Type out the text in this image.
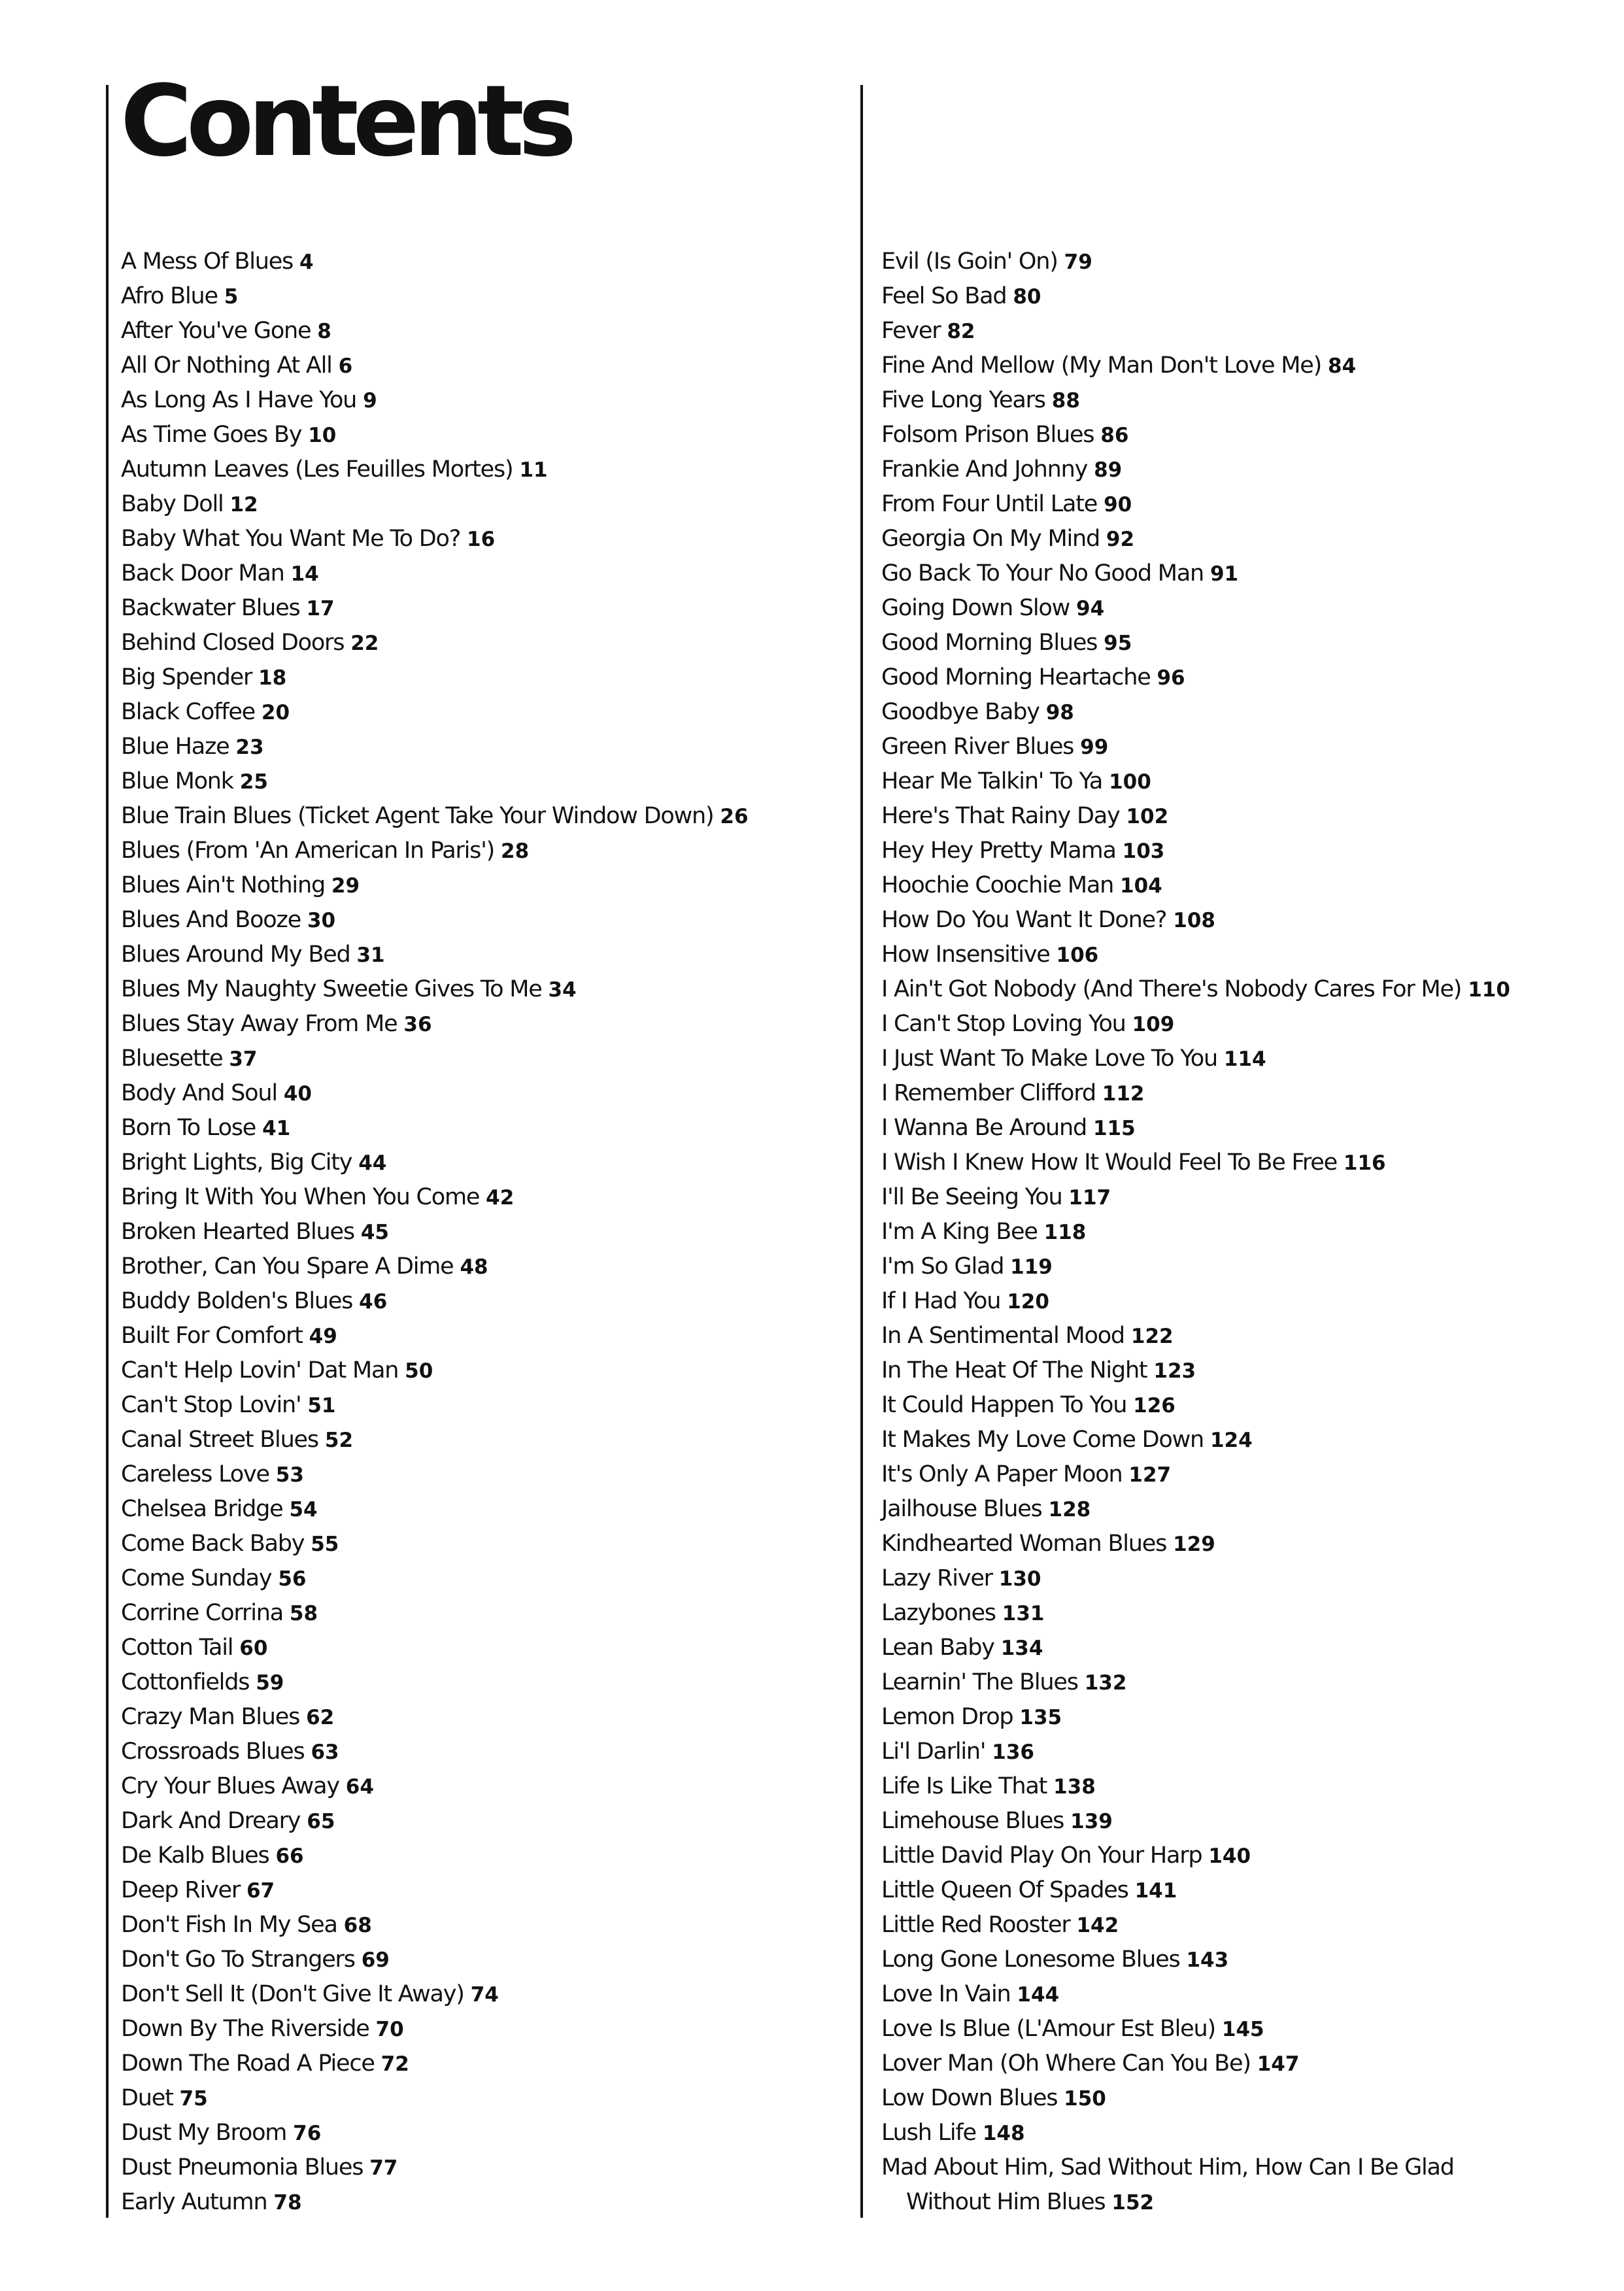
Contents
A Mess Of Blues 4
Afro Blue 5
After You've Gone 8
All Or Nothing At All 6
As Long As I Have You 9
As Time Goes By 10
Autumn Leaves (Les Feuilles Mortes) 11
Baby Doll 12
Baby What You Want Me To Do? 16
Back Door Man 14
Backwater Blues 17
Behind Closed Doors 22
Big Spender 18
Black Coffee 20
Blue Haze 23
Blue Monk 25
Blue Train Blues (Ticket Agent Take Your Window Down) 26
Blues (From 'An American In Paris') 28
Blues Ain't Nothing 29
Blues And Booze 30
Blues Around My Bed 31
Blues My Naughty Sweetie Gives To Me 34
Blues Stay Away From Me 36
Bluesette 37
Body And Soul 40
Born To Lose 41
Bright Lights, Big City 44
Bring It With You When You Come 42
Broken Hearted Blues 45
Brother, Can You Spare A Dime 48
Buddy Bolden's Blues 46
Built For Comfort 49
Can't Help Lovin' Dat Man 50
Can't Stop Lovin' 51
Canal Street Blues 52
Careless Love 53
Chelsea Bridge 54
Come Back Baby 55
Come Sunday 56
Corrine Corrina 58
Cotton Tail 60
Cottonfields 59
Crazy Man Blues 62
Crossroads Blues 63
Cry Your Blues Away 64
Dark And Dreary 65
De Kalb Blues 66
Deep River 67
Don't Fish In My Sea 68
Don't Go To Strangers 69
Don't Sell It (Don't Give It Away) 74
Down By The Riverside 70
Down The Road A Piece 72
Duet 75
Dust My Broom 76
Dust Pneumonia Blues 77
Early Autumn 78
Evil (Is Goin' On) 79
Feel So Bad 80
Fever 82
Fine And Mellow (My Man Don't Love Me) 84
Five Long Years 88
Folsom Prison Blues 86
Frankie And Johnny 89
From Four Until Late 90
Georgia On My Mind 92
Go Back To Your No Good Man 91
Going Down Slow 94
Good Morning Blues 95
Good Morning Heartache 96
Goodbye Baby 98
Green River Blues 99
Hear Me Talkin' To Ya 100
Here's That Rainy Day 102
Hey Hey Pretty Mama 103
Hoochie Coochie Man 104
How Do You Want It Done? 108
How Insensitive 106
I Ain't Got Nobody (And There's Nobody Cares For Me) 110
I Can't Stop Loving You 109
I Just Want To Make Love To You 114
I Remember Clifford 112
I Wanna Be Around 115
I Wish I Knew How It Would Feel To Be Free 116
I'll Be Seeing You 117
I'm A King Bee 118
I'm So Glad 119
If I Had You 120
In A Sentimental Mood 122
In The Heat Of The Night 123
It Could Happen To You 126
It Makes My Love Come Down 124
It's Only A Paper Moon 127
Jailhouse Blues 128
Kindhearted Woman Blues 129
Lazy River 130
Lazybones 131
Lean Baby 134
Learnin' The Blues 132
Lemon Drop 135
Li'l Darlin' 136
Life Is Like That 138
Limehouse Blues 139
Little David Play On Your Harp 140
Little Queen Of Spades 141
Little Red Rooster 142
Long Gone Lonesome Blues 143
Love In Vain 144
Love Is Blue (L'Amour Est Bleu) 145
Lover Man (Oh Where Can You Be) 147
Low Down Blues 150
Lush Life 148
Mad About Him, Sad Without Him, How Can I Be Glad Without Him Blues 152
